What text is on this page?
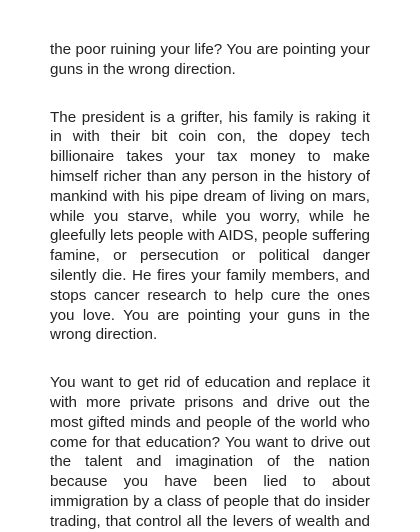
the poor ruining your life? You are pointing your
guns in the wrong direction.
The president is a grifter, his family is raking it
in with their bit coin con, the dopey tech
billionaire takes your tax money to make
himself richer than any person in the history of
mankind with his pipe dream of living on mars,
while you starve, while you worry, while he
gleefully lets people with AIDS, people suffering
famine, or persecution or political danger
silently die. He fires your family members, and
stops cancer research to help cure the ones
you love. You are pointing your guns in the
wrong direction.
You want to get rid of education and replace it
with more private prisons and drive out the
most gifted minds and people of the world who
come for that education? You want to drive out
the talent and imagination of the nation
because you have been lied to about
immigration by a class of people that do insider
trading, that control all the levers of wealth and
